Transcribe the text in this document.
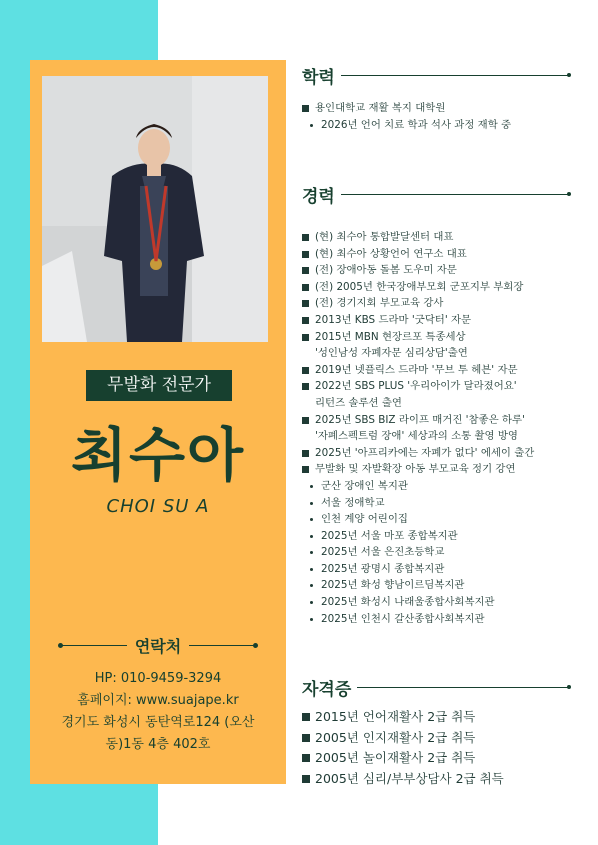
무발화 전문가
최수아
CHOI SU A
연락처
HP: 010-9459-3294
홈페이지: www.suajape.kr
경기도 화성시 동탄역로124 (오산
동)1동 4층 402호
학력
용인대학교 재활 복지 대학원
2026년 언어 치료 학과 석사 과정 재학 중
경력
(현) 최수아 통합발달센터 대표
(현) 최수아 상황언어 연구소 대표
(전) 장애아동 돌봄 도우미 자문
(전) 2005년 한국장애부모회 군포지부 부회장
(전) 경기지회 부모교육 강사
2013년 KBS 드라마 '굿닥터' 자문
2015년 MBN 현장르포 특종세상
'성인남성 자폐자문 심리상담'출연
2019년 넷플릭스 드라마 '무브 투 헤븐' 자문
2022년 SBS PLUS '우리아이가 달라졌어요'
리턴즈 솔루션 출연
2025년 SBS BIZ 라이프 매거진 '참좋은 하루'
'자폐스펙트럼 장애' 세상과의 소통 촬영 방영
2025년 '아프리카에는 자폐가 없다' 에세이 출간
무발화 및 자발확장 아동 부모교육 정기 강연
군산 장애인 복지관
서울 정애학교
인천 계양 어린이집
2025년 서울 마포 종합복지관
2025년 서울 은진초등학교
2025년 광명시 종합복지관
2025년 화성 향남이르딤복지관
2025년 화성시 나래울종합사회복지관
2025년 인천시 갈산종합사회복지관
자격증
2015년 언어재활사 2급 취득
2005년 인지재활사 2급 취득
2005년 놀이재활사 2급 취득
2005년 심리/부부상담사 2급 취득
